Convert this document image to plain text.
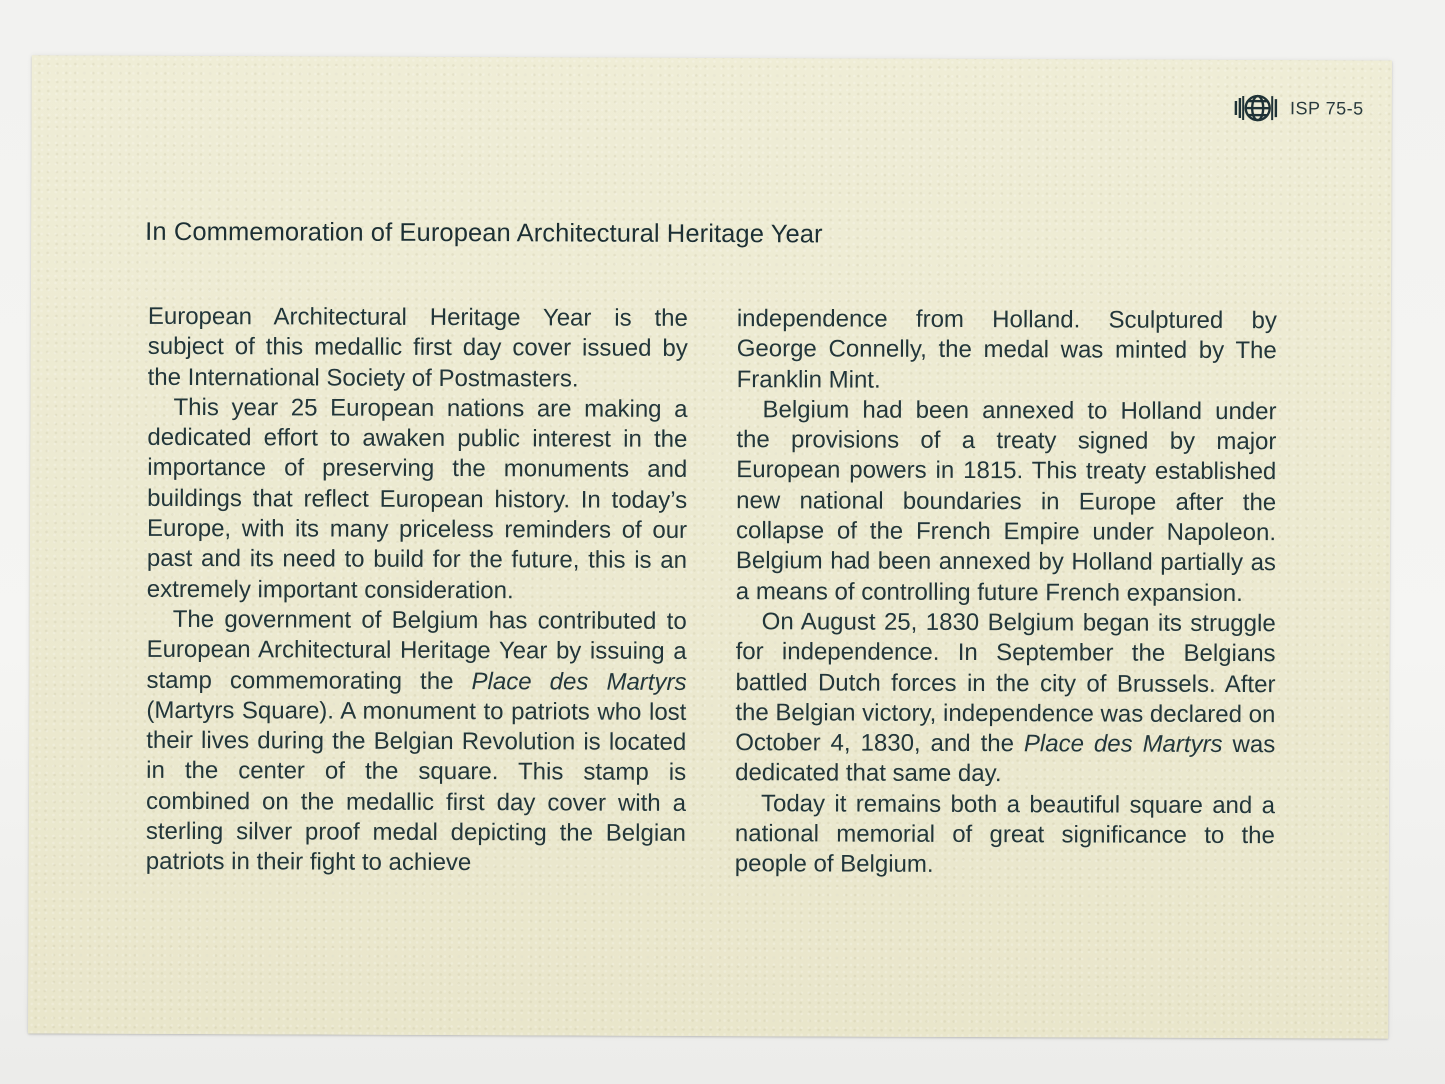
ISP 75-5
In Commemoration of European Architectural Heritage Year

European Architectural Heritage Year is the subject of this medallic first day cover issued by the International Society of Postmasters.

This year 25 European nations are making a dedicated effort to awaken public interest in the importance of preserving the monuments and buildings that reflect European history. In today’s Europe, with its many priceless reminders of our past and its need to build for the future, this is an extremely important consideration.

The government of Belgium has contributed to European Architectural Heritage Year by issuing a stamp commemorating the Place des Martyrs (Martyrs Square). A monument to patriots who lost their lives during the Belgian Revolution is located in the center of the square. This stamp is combined on the medallic first day cover with a sterling silver proof medal depicting the Belgian patriots in their fight to achieve

independence from Holland. Sculptured by George Connelly, the medal was minted by The Franklin Mint.

Belgium had been annexed to Holland under the provisions of a treaty signed by major European powers in 1815. This treaty established new national boundaries in Europe after the collapse of the French Empire under Napoleon. Belgium had been annexed by Holland partially as a means of controlling future French expansion.

On August 25, 1830 Belgium began its struggle for independence. In September the Belgians battled Dutch forces in the city of Brussels. After the Belgian victory, independence was declared on October 4, 1830, and the Place des Martyrs was dedicated that same day.

Today it remains both a beautiful square and a national memorial of great significance to the people of Belgium.
